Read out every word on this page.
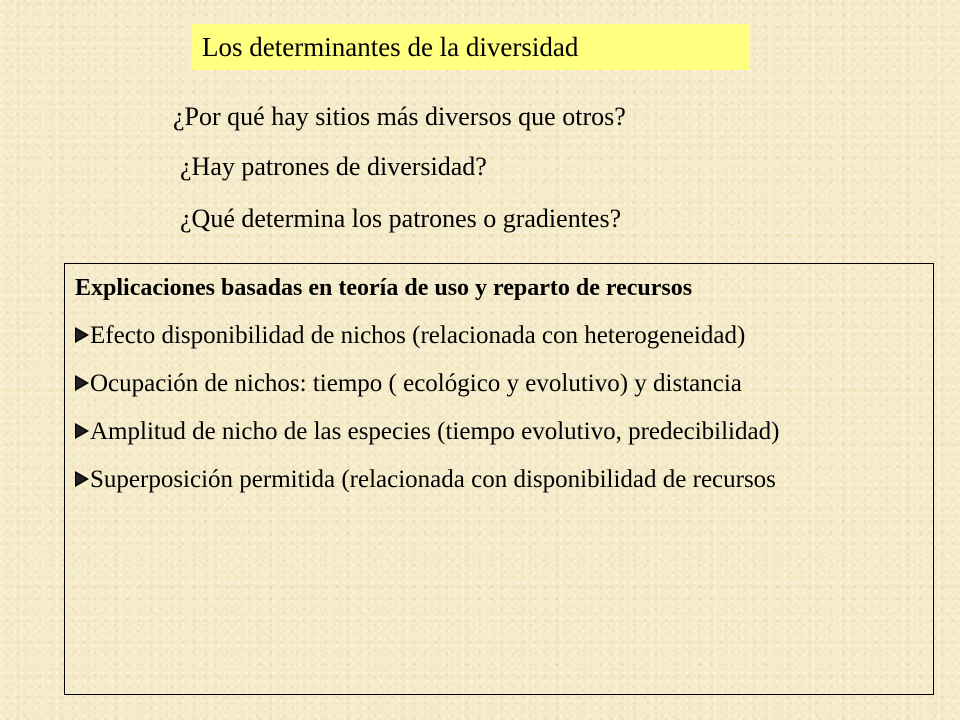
Los determinantes de la diversidad
¿Por qué hay sitios más diversos que otros?
¿Hay patrones de diversidad?
¿Qué determina los patrones o gradientes?
Explicaciones basadas en teoría de uso y reparto de recursos
Efecto disponibilidad de nichos (relacionada con heterogeneidad)
Ocupación de nichos: tiempo ( ecológico y evolutivo) y distancia
Amplitud de nicho de las especies (tiempo evolutivo, predecibilidad)
Superposición permitida (relacionada con disponibilidad de recursos
